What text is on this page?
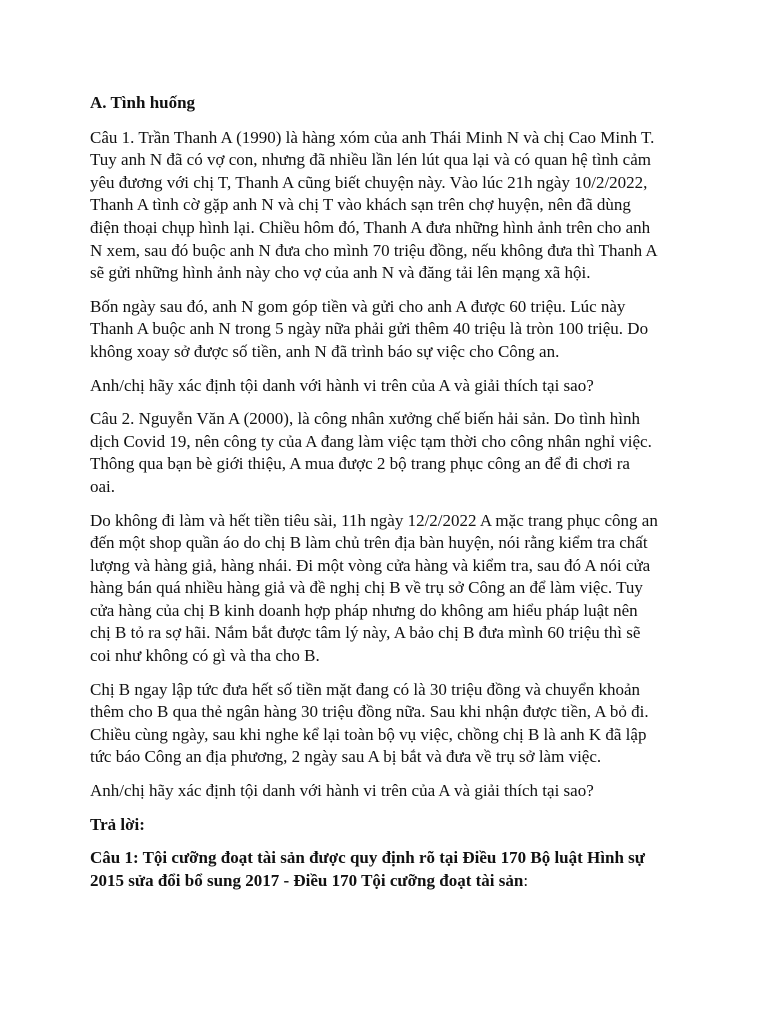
A. Tình huống

Câu 1. Trần Thanh A (1990) là hàng xóm của anh Thái Minh N và chị Cao Minh T.
Tuy anh N đã có vợ con, nhưng đã nhiều lần lén lút qua lại và có quan hệ tình cảm
yêu đương với chị T, Thanh A cũng biết chuyện này. Vào lúc 21h ngày 10/2/2022,
Thanh A tình cờ gặp anh N và chị T vào khách sạn trên chợ huyện, nên đã dùng
điện thoại chụp hình lại. Chiều hôm đó, Thanh A đưa những hình ảnh trên cho anh
N xem, sau đó buộc anh N đưa cho mình 70 triệu đồng, nếu không đưa thì Thanh A
sẽ gửi những hình ảnh này cho vợ của anh N và đăng tải lên mạng xã hội.

Bốn ngày sau đó, anh N gom góp tiền và gửi cho anh A được 60 triệu. Lúc này
Thanh A buộc anh N trong 5 ngày nữa phải gửi thêm 40 triệu là tròn 100 triệu. Do
không xoay sở được số tiền, anh N đã trình báo sự việc cho Công an.

Anh/chị hãy xác định tội danh với hành vi trên của A và giải thích tại sao?

Câu 2. Nguyễn Văn A (2000), là công nhân xưởng chế biến hải sản. Do tình hình
dịch Covid 19, nên công ty của A đang làm việc tạm thời cho công nhân nghỉ việc.
Thông qua bạn bè giới thiệu, A mua được 2 bộ trang phục công an để đi chơi ra
oai.

Do không đi làm và hết tiền tiêu sài, 11h ngày 12/2/2022 A mặc trang phục công an
đến một shop quần áo do chị B làm chủ trên địa bàn huyện, nói rằng kiểm tra chất
lượng và hàng giả, hàng nhái. Đi một vòng cửa hàng và kiểm tra, sau đó A nói cửa
hàng bán quá nhiều hàng giả và đề nghị chị B về trụ sở Công an để làm việc. Tuy
cửa hàng của chị B kinh doanh hợp pháp nhưng do không am hiểu pháp luật nên
chị B tỏ ra sợ hãi. Nắm bắt được tâm lý này, A bảo chị B đưa mình 60 triệu thì sẽ
coi như không có gì và tha cho B.

Chị B ngay lập tức đưa hết số tiền mặt đang có là 30 triệu đồng và chuyển khoản
thêm cho B qua thẻ ngân hàng 30 triệu đồng nữa. Sau khi nhận được tiền, A bỏ đi.
Chiều cùng ngày, sau khi nghe kể lại toàn bộ vụ việc, chồng chị B là anh K đã lập
tức báo Công an địa phương, 2 ngày sau A bị bắt và đưa về trụ sở làm việc.

Anh/chị hãy xác định tội danh với hành vi trên của A và giải thích tại sao?

Trả lời:

Câu 1: Tội cưỡng đoạt tài sản được quy định rõ tại Điều 170 Bộ luật Hình sự
2015 sửa đổi bổ sung 2017 - Điều 170 Tội cưỡng đoạt tài sản:
